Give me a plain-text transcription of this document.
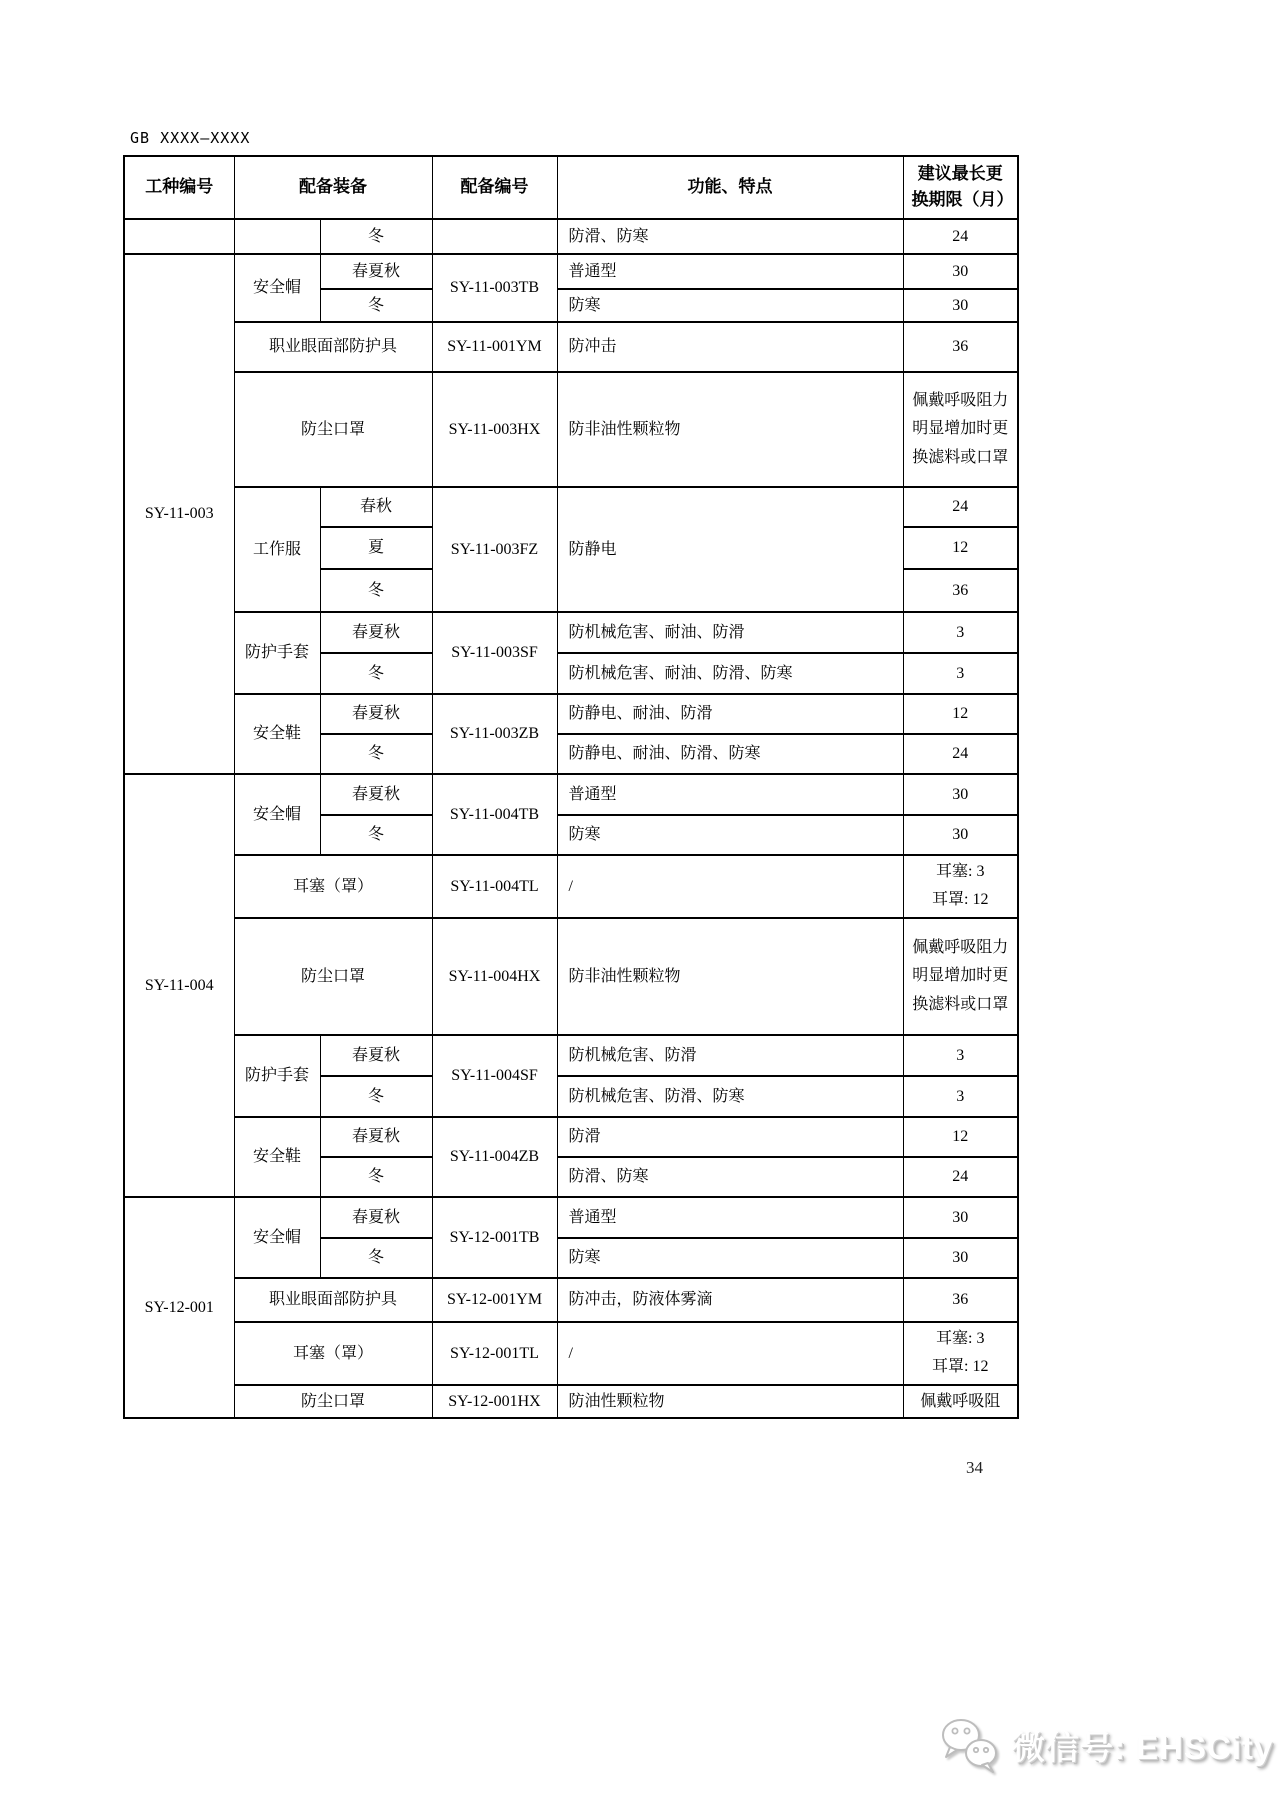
GB XXXX—XXXX
工种编号	配备装备		配备编号	功能、特点	建议最长更换期限（月）
		冬		防滑、防寒	24
SY-11-003	安全帽	春夏秋	SY-11-003TB	普通型	30
		冬		防寒	30
	职业眼面部防护具		SY-11-001YM	防冲击	36
	防尘口罩		SY-11-003HX	防非油性颗粒物	佩戴呼吸阻力明显增加时更换滤料或口罩
	工作服	春秋	SY-11-003FZ	防静电	24
		夏			12
		冬			36
	防护手套	春夏秋	SY-11-003SF	防机械危害、耐油、防滑	3
		冬		防机械危害、耐油、防滑、防寒	3
	安全鞋	春夏秋	SY-11-003ZB	防静电、耐油、防滑	12
		冬		防静电、耐油、防滑、防寒	24
SY-11-004	安全帽	春夏秋	SY-11-004TB	普通型	30
		冬		防寒	30
	耳塞（罩）		SY-11-004TL	/	耳塞: 3
耳罩: 12

	防尘口罩		SY-11-004HX	防非油性颗粒物	佩戴呼吸阻力明显增加时更换滤料或口罩
	防护手套	春夏秋	SY-11-004SF	防机械危害、防滑	3
		冬		防机械危害、防滑、防寒	3
	安全鞋	春夏秋	SY-11-004ZB	防滑	12
		冬		防滑、防寒	24
SY-12-001	安全帽	春夏秋	SY-12-001TB	普通型	30
		冬		防寒	30
	职业眼面部防护具		SY-12-001YM	防冲击，防液体雾滴	36
	耳塞（罩）		SY-12-001TL	/	耳塞: 3
耳罩: 12

	防尘口罩		SY-12-001HX	防油性颗粒物	佩戴呼吸阻
34
微信号: EHSCity
